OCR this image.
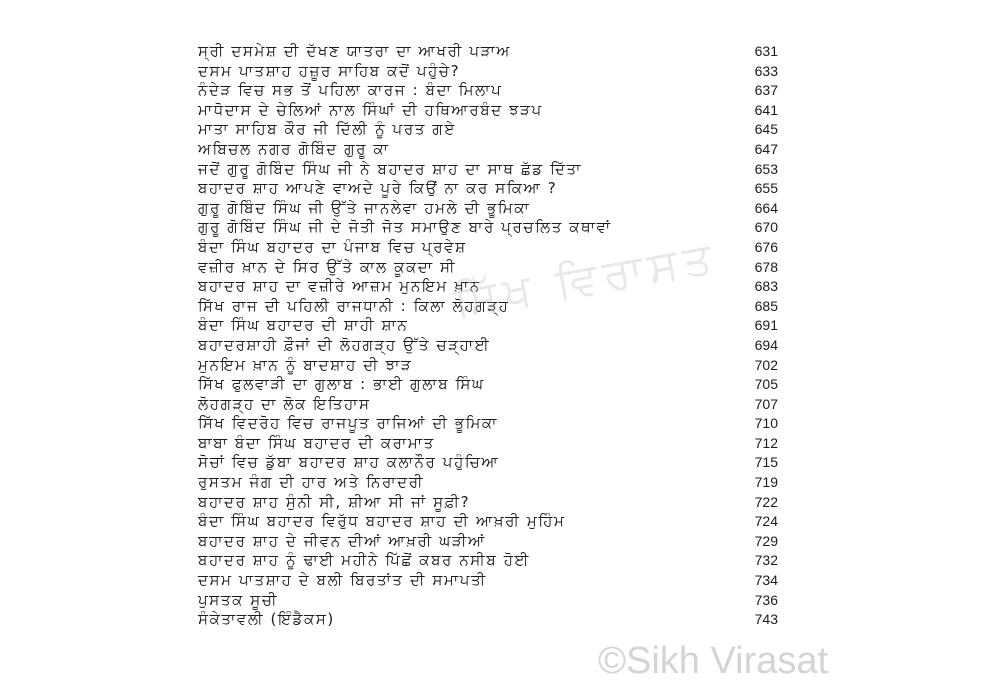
ਸ੍ਰੀ ਦਸਮੇਸ਼ ਦੀ ਦੱਖਣ ਯਾਤਰਾ ਦਾ ਆਖਰੀ ਪੜਾਅ	631
ਦਸਮ ਪਾਤਸ਼ਾਹ ਹਜ਼ੂਰ ਸਾਹਿਬ ਕਦੋਂ ਪਹੁੰਚੇ?	633
ਨੰਦੇੜ ਵਿਚ ਸਭ ਤੋਂ ਪਹਿਲਾ ਕਾਰਜ : ਬੰਦਾ ਮਿਲਾਪ	637
ਮਾਧੋਦਾਸ ਦੇ ਚੇਲਿਆਂ ਨਾਲ ਸਿੰਘਾਂ ਦੀ ਹਥਿਆਰਬੰਦ ਝੜਪ	641
ਮਾਤਾ ਸਾਹਿਬ ਕੌਰ ਜੀ ਦਿੱਲੀ ਨੂੰ ਪਰਤ ਗਏ	645
ਅਬਿਚਲ ਨਗਰ ਗੋਬਿੰਦ ਗੁਰੂ ਕਾ	647
ਜਦੋਂ ਗੁਰੂ ਗੋਬਿੰਦ ਸਿੰਘ ਜੀ ਨੇ ਬਹਾਦਰ ਸ਼ਾਹ ਦਾ ਸਾਥ ਛੱਡ ਦਿੱਤਾ	653
ਬਹਾਦਰ ਸ਼ਾਹ ਆਪਣੇ ਵਾਅਦੇ ਪੂਰੇ ਕਿਉਂ ਨਾ ਕਰ ਸਕਿਆ ?	655
ਗੁਰੂ ਗੋਬਿੰਦ ਸਿੰਘ ਜੀ ਉੱਤੇ ਜਾਨਲੇਵਾ ਹਮਲੇ ਦੀ ਭੂਮਿਕਾ	664
ਗੁਰੂ ਗੋਬਿੰਦ ਸਿੰਘ ਜੀ ਦੇ ਜੋਤੀ ਜੋਤ ਸਮਾਉਣ ਬਾਰੇ ਪ੍ਰਚਲਿਤ ਕਥਾਵਾਂ	670
ਬੰਦਾ ਸਿੰਘ ਬਹਾਦਰ ਦਾ ਪੰਜਾਬ ਵਿਚ ਪ੍ਰਵੇਸ਼	676
ਵਜ਼ੀਰ ਖ਼ਾਨ ਦੇ ਸਿਰ ਉੱਤੇ ਕਾਲ ਕੂਕਦਾ ਸੀ	678
ਬਹਾਦਰ ਸ਼ਾਹ ਦਾ ਵਜ਼ੀਰੇ ਆਜ਼ਮ ਮੁਨਇਮ ਖ਼ਾਨ	683
ਸਿੱਖ ਰਾਜ ਦੀ ਪਹਿਲੀ ਰਾਜਧਾਨੀ : ਕਿਲਾ ਲੋਹਗੜ੍ਹ	685
ਬੰਦਾ ਸਿੰਘ ਬਹਾਦਰ ਦੀ ਸ਼ਾਹੀ ਸ਼ਾਨ	691
ਬਹਾਦਰਸ਼ਾਹੀ ਫ਼ੌਜਾਂ ਦੀ ਲੋਹਗੜ੍ਹ ਉੱਤੇ ਚੜ੍ਹਾਈ	694
ਮੁਨਇਮ ਖ਼ਾਨ ਨੂੰ ਬਾਦਸ਼ਾਹ ਦੀ ਝਾੜ	702
ਸਿੱਖ ਫੁਲਵਾੜੀ ਦਾ ਗੁਲਾਬ : ਭਾਈ ਗੁਲਾਬ ਸਿੰਘ	705
ਲੋਹਗੜ੍ਹ ਦਾ ਲੋਕ ਇਤਿਹਾਸ	707
ਸਿੱਖ ਵਿਦਰੋਹ ਵਿਚ ਰਾਜਪੂਤ ਰਾਜਿਆਂ ਦੀ ਭੂਮਿਕਾ	710
ਬਾਬਾ ਬੰਦਾ ਸਿੰਘ ਬਹਾਦਰ ਦੀ ਕਰਾਮਾਤ	712
ਸੋਚਾਂ ਵਿਚ ਡੁੱਬਾ ਬਹਾਦਰ ਸ਼ਾਹ ਕਲਾਨੌਰ ਪਹੁੰਚਿਆ	715
ਰੁਸਤਮ ਜੰਗ ਦੀ ਹਾਰ ਅਤੇ ਨਿਰਾਦਰੀ	719
ਬਹਾਦਰ ਸ਼ਾਹ ਸੁੰਨੀ ਸੀ, ਸ਼ੀਆ ਸੀ ਜਾਂ ਸੂਫ਼ੀ?	722
ਬੰਦਾ ਸਿੰਘ ਬਹਾਦਰ ਵਿਰੁੱਧ ਬਹਾਦਰ ਸ਼ਾਹ ਦੀ ਆਖ਼ਰੀ ਮੁਹਿੰਮ	724
ਬਹਾਦਰ ਸ਼ਾਹ ਦੇ ਜੀਵਨ ਦੀਆਂ ਆਖ਼ਰੀ ਘੜੀਆਂ	729
ਬਹਾਦਰ ਸ਼ਾਹ ਨੂੰ ਢਾਈ ਮਹੀਨੇ ਪਿੱਛੋਂ ਕਬਰ ਨਸੀਬ ਹੋਈ	732
ਦਸਮ ਪਾਤਸ਼ਾਹ ਦੇ ਬਲੀ ਬਿਰਤਾਂਤ ਦੀ ਸਮਾਪਤੀ	734
ਪੁਸਤਕ ਸੂਚੀ	736
ਸੰਕੇਤਾਵਲੀ (ਇੰਡੈਕਸ)	743
ਸਿੱਖ ਵਿਰਾਸਤ
©Sikh Virasat
